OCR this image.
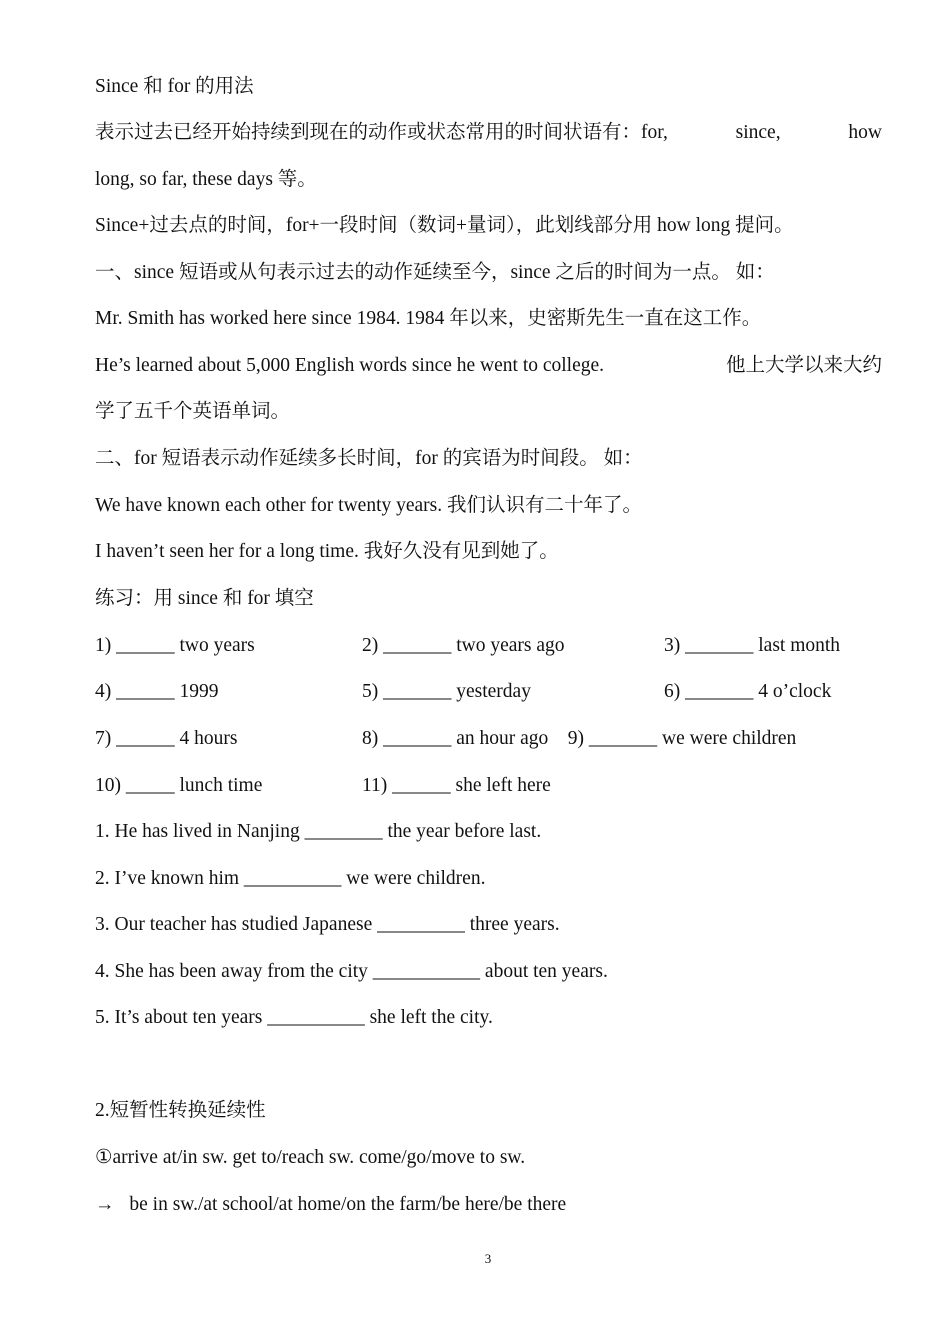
Since 和 for 的用法
表示过去已经开始持续到现在的动作或状态常用的时间状语有：for,	since,	how
long, so far, these days 等。
Since+过去点的时间，for+一段时间（数词+量词），此划线部分用 how long 提问。
一、since 短语或从句表示过去的动作延续至今，since 之后的时间为一点。 如：
Mr. Smith has worked here since 1984. 1984 年以来，史密斯先生一直在这工作。
He’s learned about 5,000 English words since he went to college.	他上大学以来大约
学了五千个英语单词。
二、for 短语表示动作延续多长时间，for 的宾语为时间段。 如：
We have known each other for twenty years. 我们认识有二十年了。
I haven’t seen her for a long time. 我好久没有见到她了。
练习：用 since 和 for 填空
1) ______ two years	2) _______ two years ago	3) _______ last month
4) ______ 1999	5) _______ yesterday	6) _______ 4 o’clock
7) ______ 4 hours	8) _______ an hour ago    9) _______ we were children
10) _____ lunch time	11) ______ she left here
1. He has lived in Nanjing ________ the year before last.
2. I’ve known him __________ we were children.
3. Our teacher has studied Japanese _________ three years.
4. She has been away from the city ___________ about ten years.
5. It’s about ten years __________ she left the city.
2.短暂性转换延续性
①arrive at/in sw. get to/reach sw. come/go/move to sw.
→ be in sw./at school/at home/on the farm/be here/be there
3
